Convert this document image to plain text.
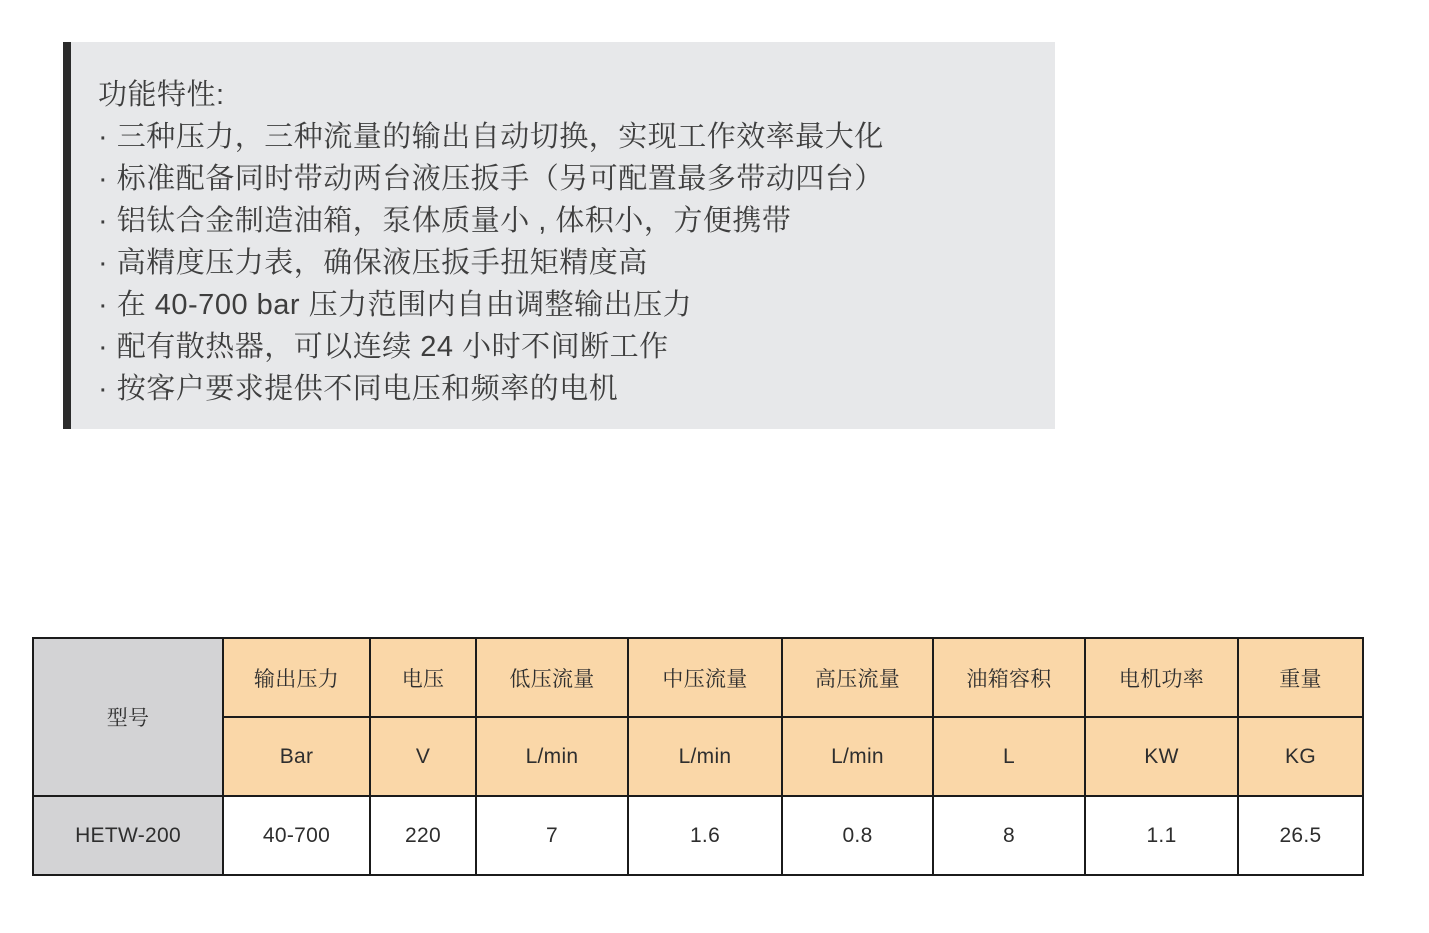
功能特性:
· 三种压力，三种流量的输出自动切换，实现工作效率最大化
· 标准配备同时带动两台液压扳手（另可配置最多带动四台）
· 铝钛合金制造油箱，泵体质量小 , 体积小，方便携带
· 高精度压力表，确保液压扳手扭矩精度高
· 在 40-700 bar 压力范围内自由调整输出压力
· 配有散热器，可以连续 24 小时不间断工作
· 按客户要求提供不同电压和频率的电机
型号	输出压力	电压	低压流量	中压流量	高压流量	油箱容积	电机功率	重量
	Bar	V	L/min	L/min	L/min	L	KW	KG
HETW-200	40-700	220	7	1.6	0.8	8	1.1	26.5
